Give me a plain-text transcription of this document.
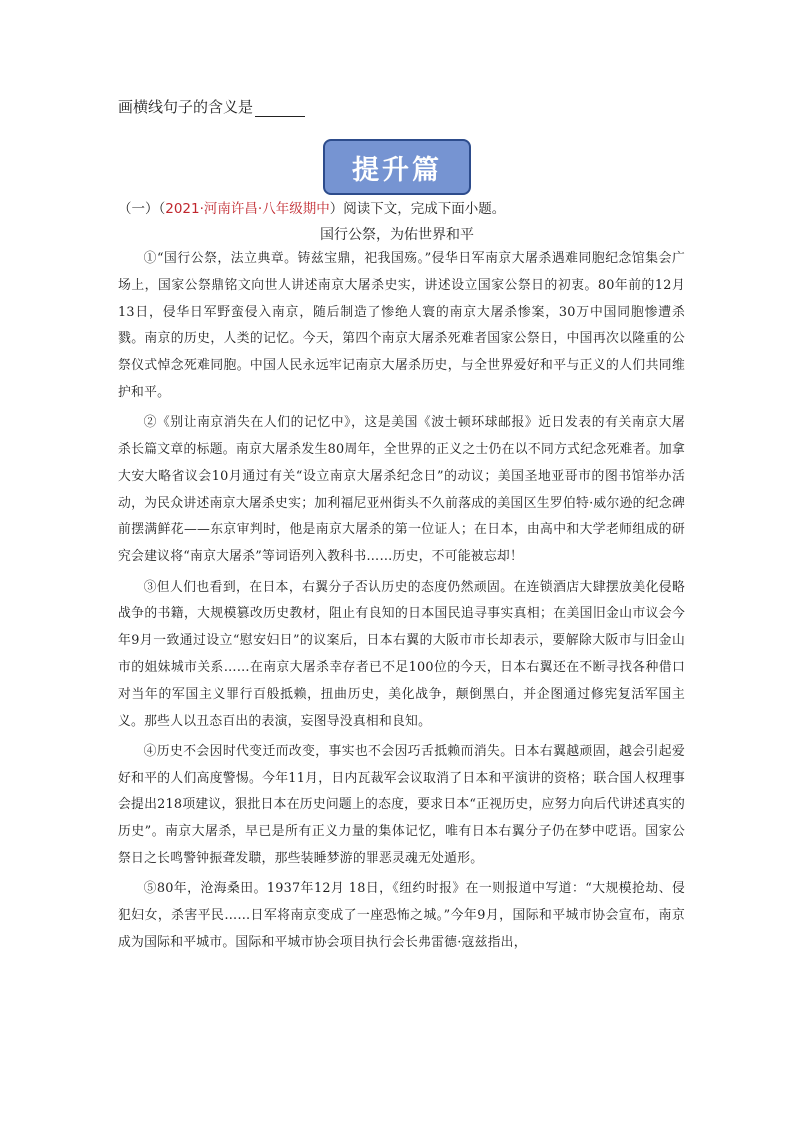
画横线句子的含义是
提升篇
（一）（2021·河南许昌·八年级期中）阅读下文，完成下面小题。
国行公祭，为佑世界和平

①“国行公祭，法立典章。铸兹宝鼎，祀我国殇。”侵华日军南京大屠杀遇难同胞纪念馆集会广场上，国家公祭鼎铭文向世人讲述南京大屠杀史实，讲述设立国家公祭日的初衷。80年前的12月13日，侵华日军野蛮侵入南京，随后制造了惨绝人寰的南京大屠杀惨案，30万中国同胞惨遭杀戮。南京的历史，人类的记忆。今天，第四个南京大屠杀死难者国家公祭日，中国再次以隆重的公祭仪式悼念死难同胞。中国人民永远牢记南京大屠杀历史，与全世界爱好和平与正义的人们共同维护和平。

②《别让南京消失在人们的记忆中》，这是美国《波士顿环球邮报》近日发表的有关南京大屠杀长篇文章的标题。南京大屠杀发生80周年，全世界的正义之士仍在以不同方式纪念死难者。加拿大安大略省议会10月通过有关“设立南京大屠杀纪念日”的动议；美国圣地亚哥市的图书馆举办活动，为民众讲述南京大屠杀史实；加利福尼亚州街头不久前落成的美国区生罗伯特·威尔逊的纪念碑前摆满鲜花——东京审判时，他是南京大屠杀的第一位证人；在日本，由高中和大学老师组成的研究会建议将“南京大屠杀”等词语列入教科书……历史，不可能被忘却！

③但人们也看到，在日本，右翼分子否认历史的态度仍然顽固。在连锁酒店大肆摆放美化侵略战争的书籍，大规模篡改历史教材，阻止有良知的日本国民追寻事实真相；在美国旧金山市议会今年9月一致通过设立“慰安妇日”的议案后，日本右翼的大阪市市长却表示，要解除大阪市与旧金山市的姐妹城市关系……在南京大屠杀幸存者已不足100位的今天，日本右翼还在不断寻找各种借口对当年的军国主义罪行百般抵赖，扭曲历史，美化战争，颠倒黑白，并企图通过修宪复活军国主义。那些人以丑态百出的表演，妄图导没真相和良知。

④历史不会因时代变迁而改变，事实也不会因巧舌抵赖而消失。日本右翼越顽固，越会引起爱好和平的人们高度警惕。今年11月，日内瓦裁军会议取消了日本和平演讲的资格；联合国人权理事会提出218项建议，狠批日本在历史问题上的态度，要求日本“正视历史，应努力向后代讲述真实的历史”。南京大屠杀，早已是所有正义力量的集体记忆，唯有日本右翼分子仍在梦中呓语。国家公祭日之长鸣警钟振聋发聩，那些装睡梦游的罪恶灵魂无处遁形。

⑤80年，沧海桑田。1937年12月 18日，《纽约时报》在一则报道中写道：“大规模抢劫、侵犯妇女，杀害平民……日军将南京变成了一座恐怖之城。”今年9月，国际和平城市协会宣布，南京成为国际和平城市。国际和平城市协会项目执行会长弗雷德·寇兹指出，
